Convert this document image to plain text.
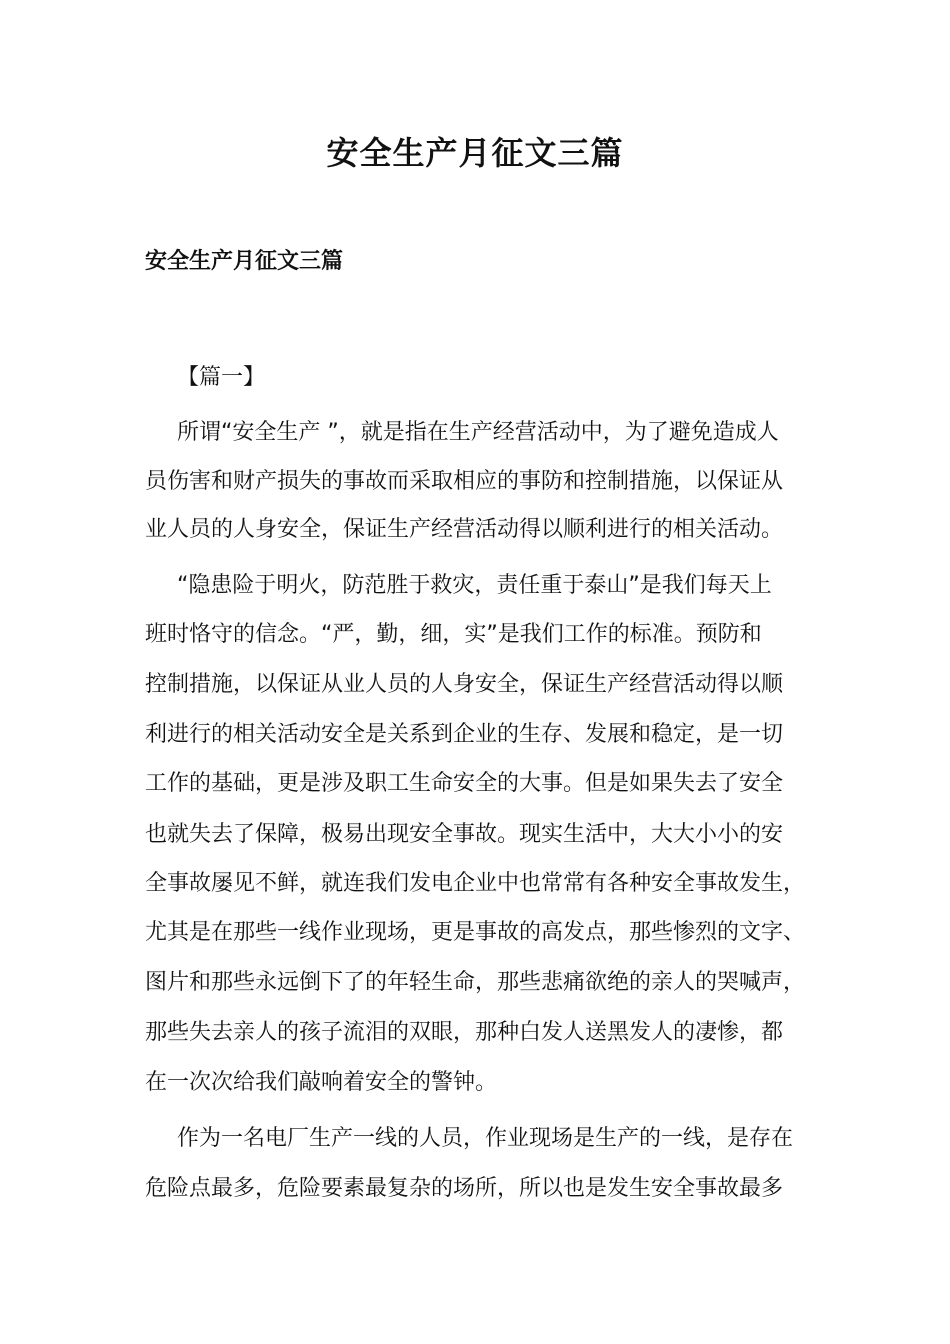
安全生产月征文三篇
安全生产月征文三篇

【篇一】

所谓“安全生产 ”，就是指在生产经营活动中，为了避免造成人

员伤害和财产损失的事故而采取相应的事防和控制措施，以保证从

业人员的人身安全，保证生产经营活动得以顺利进行的相关活动。

“隐患险于明火，防范胜于救灾，责任重于泰山”是我们每天上

班时恪守的信念。“严，勤，细，实”是我们工作的标准。预防和

控制措施，以保证从业人员的人身安全，保证生产经营活动得以顺

利进行的相关活动安全是关系到企业的生存、发展和稳定，是一切

工作的基础，更是涉及职工生命安全的大事。但是如果失去了安全

也就失去了保障，极易出现安全事故。现实生活中，大大小小的安

全事故屡见不鲜，就连我们发电企业中也常常有各种安全事故发生，

尤其是在那些一线作业现场，更是事故的高发点，那些惨烈的文字、

图片和那些永远倒下了的年轻生命，那些悲痛欲绝的亲人的哭喊声，

那些失去亲人的孩子流泪的双眼，那种白发人送黑发人的凄惨，都

在一次次给我们敲响着安全的警钟。

作为一名电厂生产一线的人员，作业现场是生产的一线，是存在

危险点最多，危险要素最复杂的场所，所以也是发生安全事故最多
